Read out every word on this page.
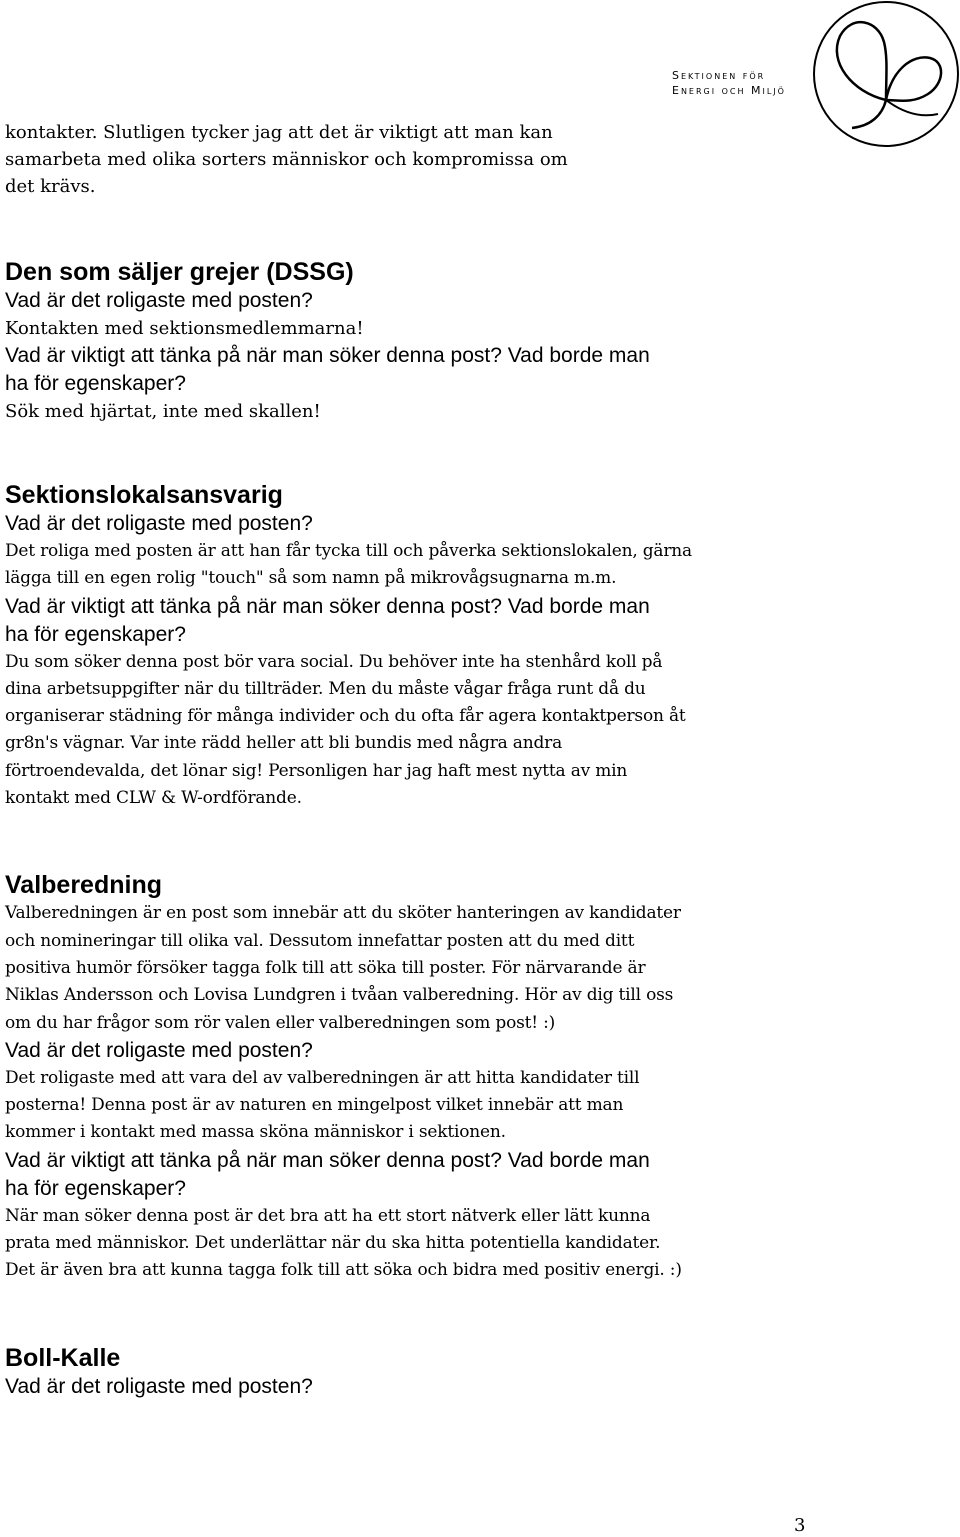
Sektionen för
Energi och Miljö
kontakter. Slutligen tycker jag att det är viktigt att man kan
samarbeta med olika sorters människor och kompromissa om
det krävs.
Den som säljer grejer (DSSG)
Vad är det roligaste med posten?
Kontakten med sektionsmedlemmarna!
Vad är viktigt att tänka på när man söker denna post? Vad borde man
ha för egenskaper?
Sök med hjärtat, inte med skallen!
Sektionslokalsansvarig
Vad är det roligaste med posten?
Det roliga med posten är att han får tycka till och påverka sektionslokalen, gärna
lägga till en egen rolig "touch" så som namn på mikrovågsugnarna m.m.
Vad är viktigt att tänka på när man söker denna post? Vad borde man
ha för egenskaper?
Du som söker denna post bör vara social. Du behöver inte ha stenhård koll på
dina arbetsuppgifter när du tillträder. Men du måste vågar fråga runt då du
organiserar städning för många individer och du ofta får agera kontaktperson åt
gr8n's vägnar. Var inte rädd heller att bli bundis med några andra
förtroendevalda, det lönar sig! Personligen har jag haft mest nytta av min
kontakt med CLW & W-ordförande.
Valberedning
Valberedningen är en post som innebär att du sköter hanteringen av kandidater
och nomineringar till olika val. Dessutom innefattar posten att du med ditt
positiva humör försöker tagga folk till att söka till poster. För närvarande är
Niklas Andersson och Lovisa Lundgren i tvåan valberedning. Hör av dig till oss
om du har frågor som rör valen eller valberedningen som post! :)
Vad är det roligaste med posten?
Det roligaste med att vara del av valberedningen är att hitta kandidater till
posterna! Denna post är av naturen en mingelpost vilket innebär att man
kommer i kontakt med massa sköna människor i sektionen.
Vad är viktigt att tänka på när man söker denna post? Vad borde man
ha för egenskaper?
När man söker denna post är det bra att ha ett stort nätverk eller lätt kunna
prata med människor. Det underlättar när du ska hitta potentiella kandidater.
Det är även bra att kunna tagga folk till att söka och bidra med positiv energi. :)
Boll-Kalle
Vad är det roligaste med posten?
3
